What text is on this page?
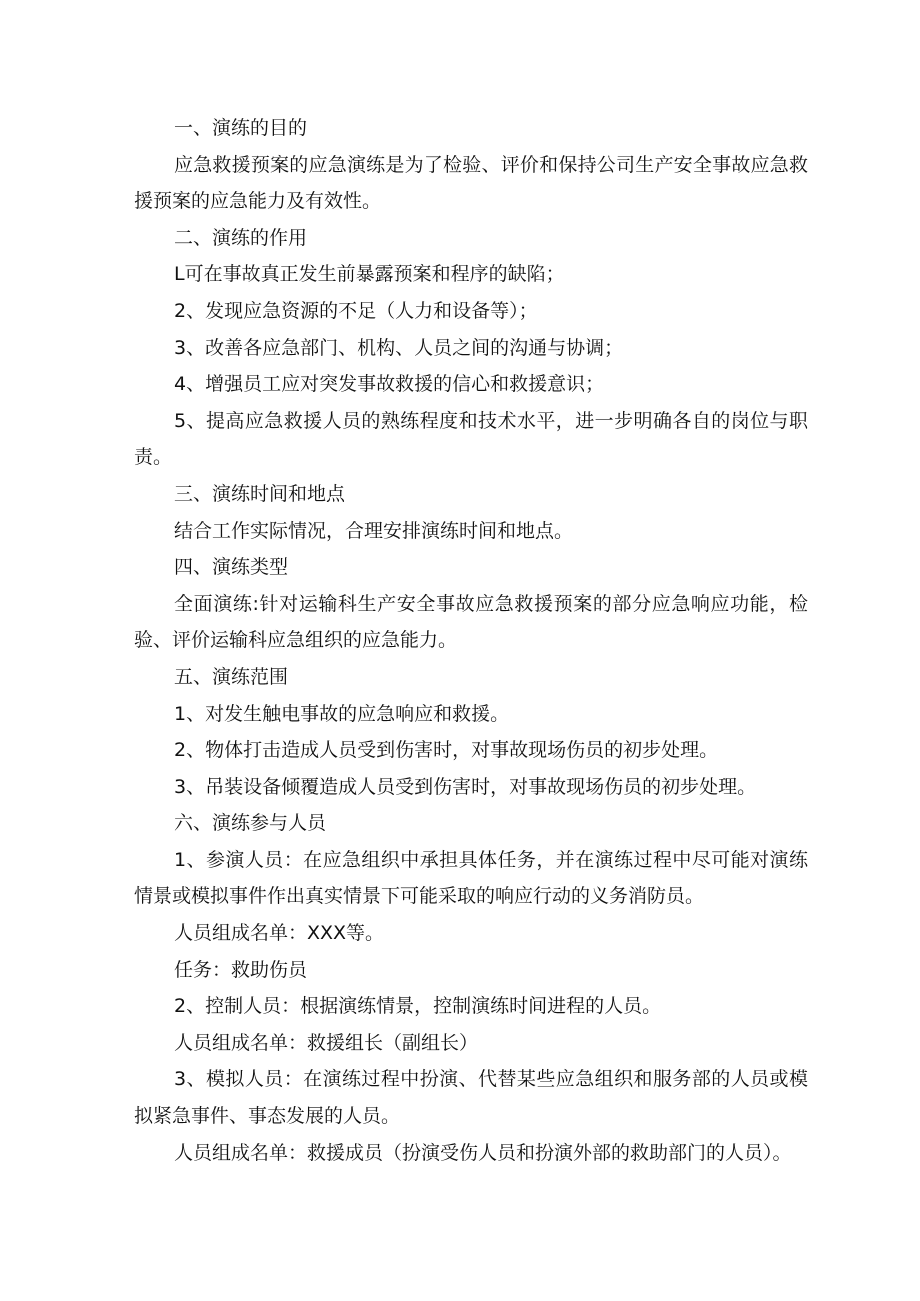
一、演练的目的

应急救援预案的应急演练是为了检验、评价和保持公司生产安全事故应急救援预案的应急能力及有效性。

二、演练的作用

L可在事故真正发生前暴露预案和程序的缺陷；

2、发现应急资源的不足（人力和设备等）；

3、改善各应急部门、机构、人员之间的沟通与协调；

4、增强员工应对突发事故救援的信心和救援意识；

5、提高应急救援人员的熟练程度和技术水平，进一步明确各自的岗位与职责。

三、演练时间和地点

结合工作实际情况，合理安排演练时间和地点。

四、演练类型

全面演练:针对运输科生产安全事故应急救援预案的部分应急响应功能，检验、评价运输科应急组织的应急能力。

五、演练范围

1、对发生触电事故的应急响应和救援。

2、物体打击造成人员受到伤害时，对事故现场伤员的初步处理。

3、吊装设备倾覆造成人员受到伤害时，对事故现场伤员的初步处理。

六、演练参与人员

1、参演人员：在应急组织中承担具体任务，并在演练过程中尽可能对演练情景或模拟事件作出真实情景下可能采取的响应行动的义务消防员。

人员组成名单：XXX等。

任务：救助伤员

2、控制人员：根据演练情景，控制演练时间进程的人员。

人员组成名单：救援组长（副组长）

3、模拟人员：在演练过程中扮演、代替某些应急组织和服务部的人员或模拟紧急事件、事态发展的人员。

人员组成名单：救援成员（扮演受伤人员和扮演外部的救助部门的人员）。
